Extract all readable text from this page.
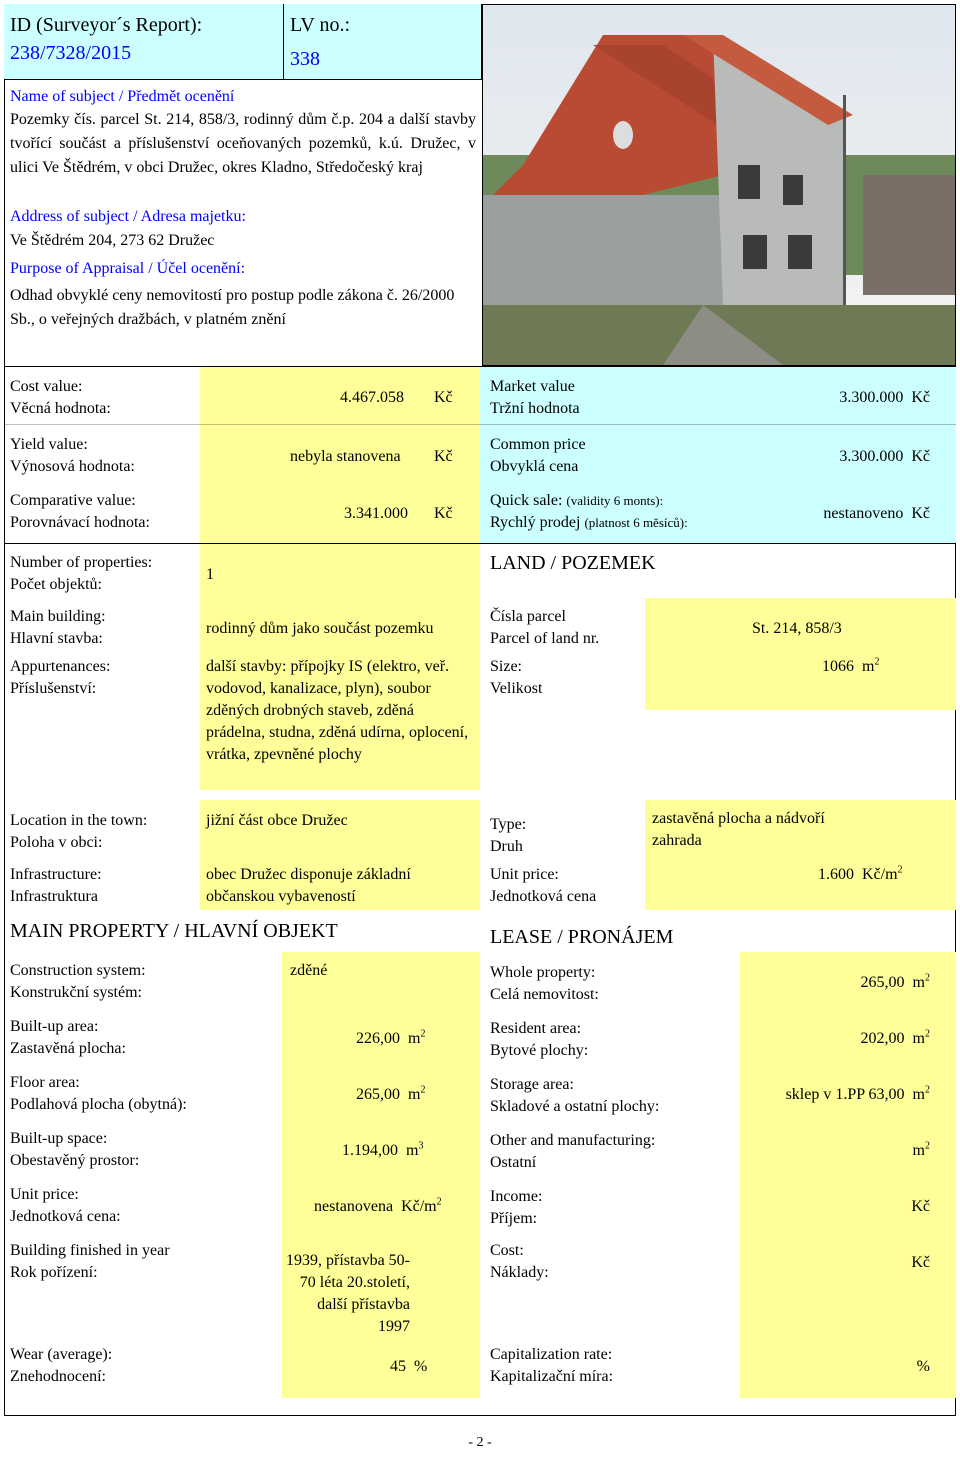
ID (Surveyor´s Report):
238/7328/2015
LV no.:
338
Name of subject / Předmět ocenění
Pozemky čís. parcel St. 214, 858/3, rodinný dům č.p. 204 a další stavby tvořící součást a příslušenství oceňovaných pozemků, k.ú. Družec, v ulici Ve Štědrém, v obci Družec, okres Kladno, Středočeský kraj
Address of subject / Adresa majetku:
Ve Štědrém 204, 273 62 Družec
Purpose of Appraisal / Účel ocenění:
Odhad obvyklé ceny nemovitostí pro postup podle zákona č. 26/2000 Sb., o veřejných dražbách, v platném znění
Cost value:
Věcná hodnota:
4.467.058 Kč
Yield value:
Výnosová hodnota:
nebyla stanovena Kč
Comparative value:
Porovnávací hodnota:
3.341.000 Kč
Market value
Tržní hodnota
3.300.000 Kč
Common price
Obvyklá cena
3.300.000 Kč
Quick sale: (validity 6 monts):
Rychlý prodej (platnost 6 měsíců):
nestanoveno Kč
Number of properties:
Počet objektů:
1
Main building:
Hlavní stavba:
rodinný dům jako součást pozemku
Appurtenances:
Příslušenství:
další stavby: přípojky IS (elektro, veř. vodovod, kanalizace, plyn), soubor zděných drobných staveb, zděná prádelna, studna, zděná udírna, oplocení, vrátka, zpevněné plochy
Location in the town:
Poloha v obci:
jižní část obce Družec
Infrastructure:
Infrastruktura
obec Družec disponuje základní občanskou vybaveností
LAND / POZEMEK
Čísla parcel
Parcel of land nr.
St. 214, 858/3
Size:
Velikost
1066 $m^2$
Type:
Druh
zastavěná plocha a nádvoří
zahrada
Unit price:
Jednotková cena
1.600 $Kč/m^2$
MAIN PROPERTY / HLAVNÍ OBJEKT	LEASE / PRONÁJEM
Construction system:
Konstrukční systém:
zděné
Built-up area:
Zastavěná plocha:
226,00 $m^2$
Floor area:
Podlahová plocha (obytná):
265,00 $m^2$
Built-up space:
Obestavěný prostor:
1.194,00 $m^3$
Unit price:
Jednotková cena:
nestanovena $Kč/m^2$
Building finished in year
Rok pořízení:
1939, přístavba 50-70 léta 20.století, další přístavba 1997
Wear (average):
Znehodnocení:
45 %
Whole property:
Celá nemovitost:
265,00 $m^2$
Resident area:
Bytové plochy:
202,00 $m^2$
Storage area:
Skladové a ostatní plochy:
sklep v 1.PP 63,00 $m^2$
Other and manufacturing:
Ostatní
$m^2$
Income:
Příjem:
Kč
Cost:
Náklady:
Kč
Capitalization rate:
Kapitalizační míra:
%
- 2 -
